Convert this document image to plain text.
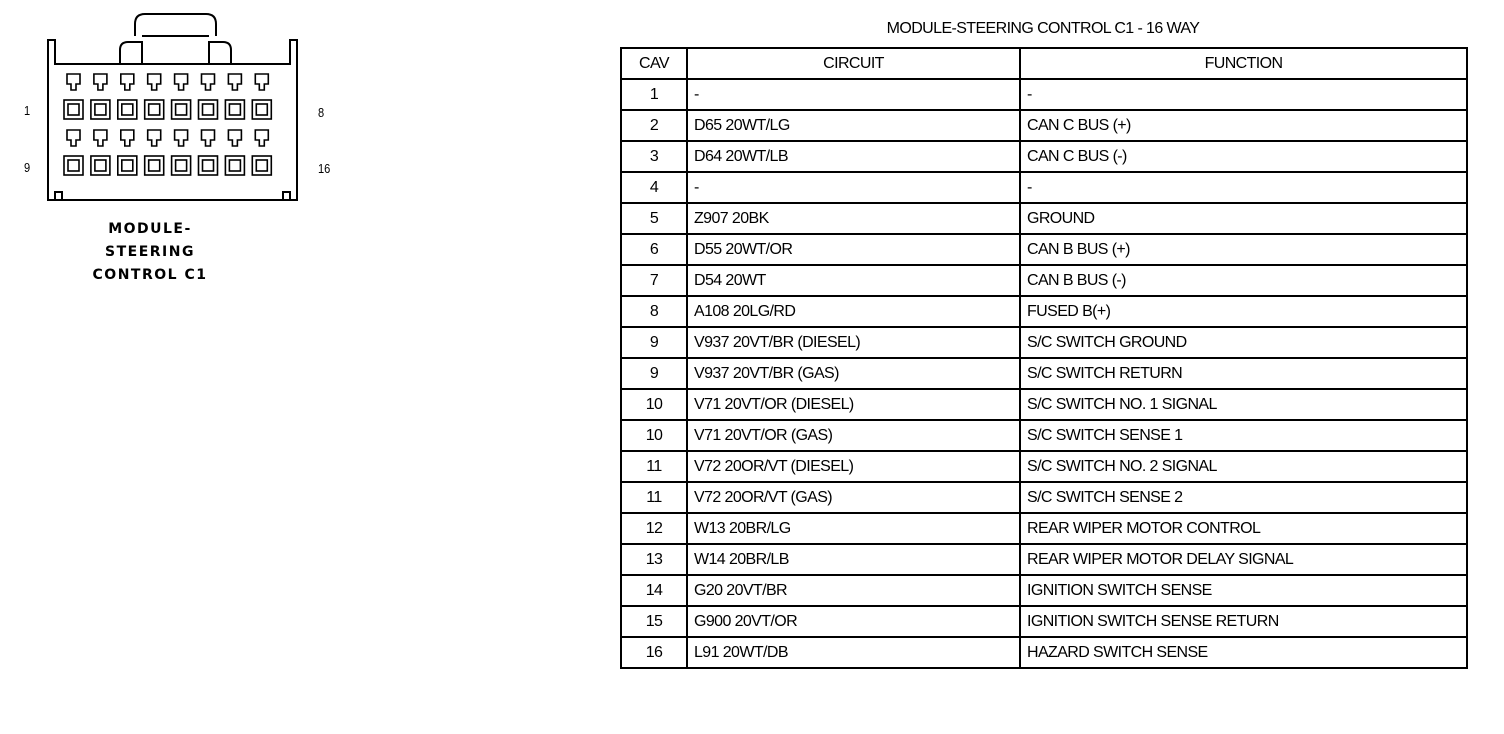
1	8
9	16
MODULE-
STEERING
CONTROL C1
MODULE-STEERING CONTROL C1 - 16 WAY
CAV	CIRCUIT	FUNCTION
1	-	-
2	D65 20WT/LG	CAN C BUS (+)
3	D64 20WT/LB	CAN C BUS (-)
4	-	-
5	Z907 20BK	GROUND
6	D55 20WT/OR	CAN B BUS (+)
7	D54 20WT	CAN B BUS (-)
8	A108 20LG/RD	FUSED B(+)
9	V937 20VT/BR (DIESEL)	S/C SWITCH GROUND
9	V937 20VT/BR (GAS)	S/C SWITCH RETURN
10	V71 20VT/OR (DIESEL)	S/C SWITCH NO. 1 SIGNAL
10	V71 20VT/OR (GAS)	S/C SWITCH SENSE 1
11	V72 20OR/VT (DIESEL)	S/C SWITCH NO. 2 SIGNAL
11	V72 20OR/VT (GAS)	S/C SWITCH SENSE 2
12	W13 20BR/LG	REAR WIPER MOTOR CONTROL
13	W14 20BR/LB	REAR WIPER MOTOR DELAY SIGNAL
14	G20 20VT/BR	IGNITION SWITCH SENSE
15	G900 20VT/OR	IGNITION SWITCH SENSE RETURN
16	L91 20WT/DB	HAZARD SWITCH SENSE
